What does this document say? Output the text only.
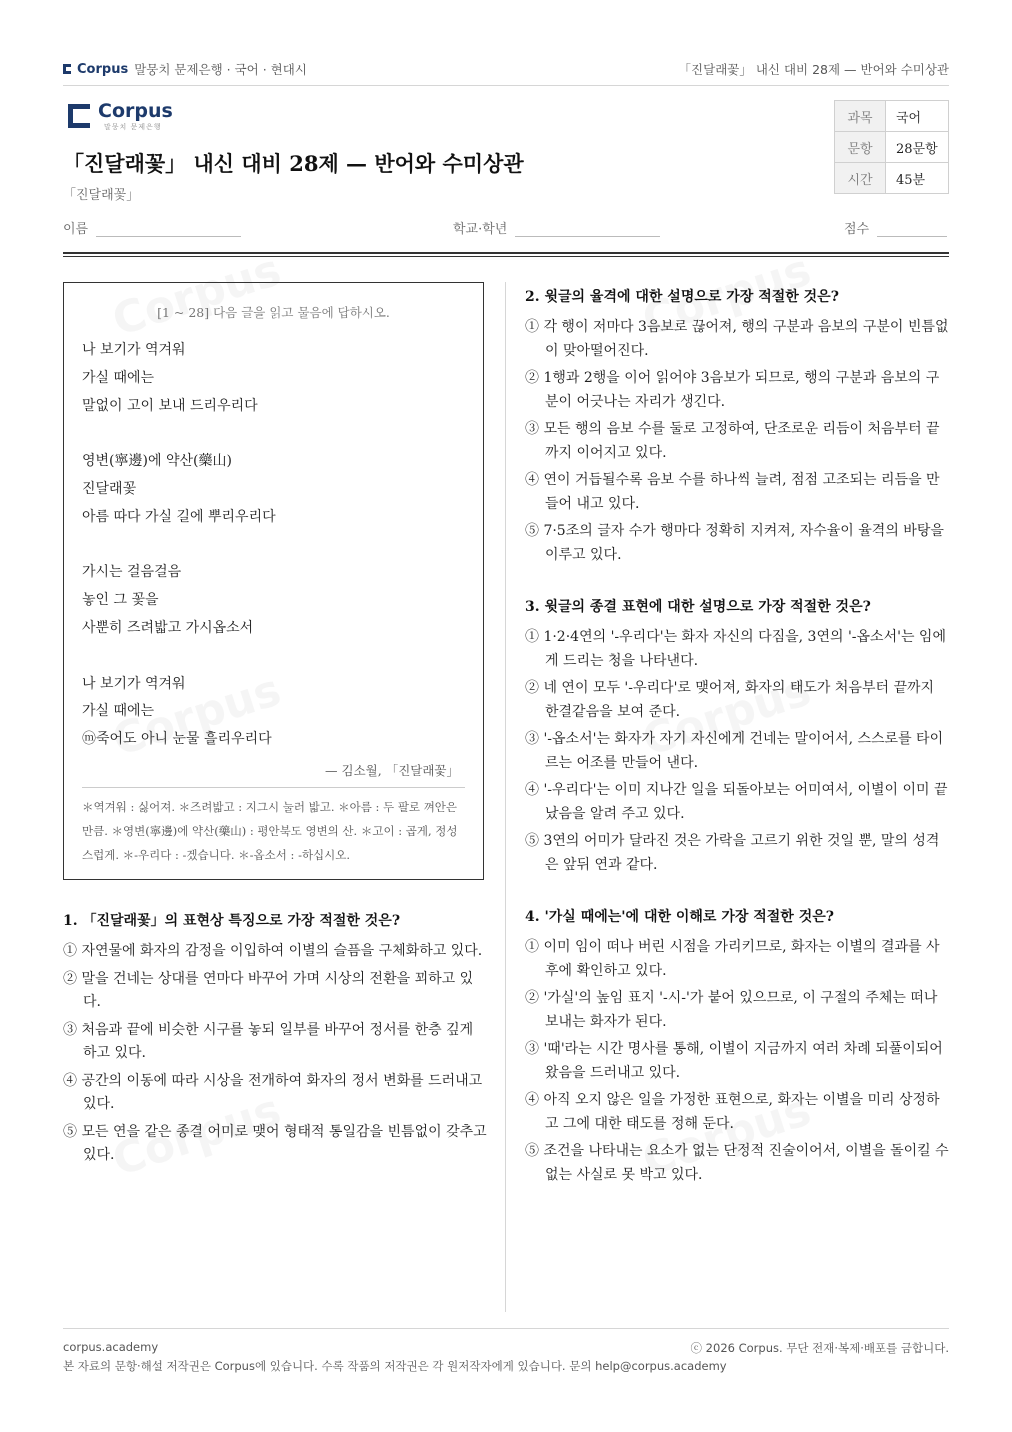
Corpus 말뭉치 문제은행 · 국어 · 현대시	「진달래꽃」 내신 대비 28제 — 반어와 수미상관
Corpus
말뭉치 문제은행
「진달래꽃」 내신 대비 28제 — 반어와 수미상관
「진달래꽃」
과목	국어
문항	28문항
시간	45분
이름	학교·학년	점수
[1 ~ 28] 다음 글을 읽고 물음에 답하시오.
나 보기가 역겨워
가실 때에는
말없이 고이 보내 드리우리다
영변(寧邊)에 약산(藥山)
진달래꽃
아름 따다 가실 길에 뿌리우리다
가시는 걸음걸음
놓인 그 꽃을
사뿐히 즈려밟고 가시옵소서
나 보기가 역겨워
가실 때에는
ⓜ죽어도 아니 눈물 흘리우리다
— 김소월, 「진달래꽃」
＊역겨워 : 싫어져. ＊즈려밟고 : 지그시 눌러 밟고. ＊아름 : 두 팔로 껴안은 만큼. ＊영변(寧邊)에 약산(藥山) : 평안북도 영변의 산. ＊고이 : 곱게, 정성스럽게. ＊-우리다 : -겠습니다. ＊-옵소서 : -하십시오.
1. 「진달래꽃」의 표현상 특징으로 가장 적절한 것은?
① 자연물에 화자의 감정을 이입하여 이별의 슬픔을 구체화하고 있다.
② 말을 건네는 상대를 연마다 바꾸어 가며 시상의 전환을 꾀하고 있다.
③ 처음과 끝에 비슷한 시구를 놓되 일부를 바꾸어 정서를 한층 깊게 하고 있다.
④ 공간의 이동에 따라 시상을 전개하여 화자의 정서 변화를 드러내고 있다.
⑤ 모든 연을 같은 종결 어미로 맺어 형태적 통일감을 빈틈없이 갖추고 있다.
2. 윗글의 율격에 대한 설명으로 가장 적절한 것은?
① 각 행이 저마다 3음보로 끊어져, 행의 구분과 음보의 구분이 빈틈없이 맞아떨어진다.
② 1행과 2행을 이어 읽어야 3음보가 되므로, 행의 구분과 음보의 구분이 어긋나는 자리가 생긴다.
③ 모든 행의 음보 수를 둘로 고정하여, 단조로운 리듬이 처음부터 끝까지 이어지고 있다.
④ 연이 거듭될수록 음보 수를 하나씩 늘려, 점점 고조되는 리듬을 만들어 내고 있다.
⑤ 7·5조의 글자 수가 행마다 정확히 지켜져, 자수율이 율격의 바탕을 이루고 있다.
3. 윗글의 종결 표현에 대한 설명으로 가장 적절한 것은?
① 1·2·4연의 '-우리다'는 화자 자신의 다짐을, 3연의 '-옵소서'는 임에게 드리는 청을 나타낸다.
② 네 연이 모두 '-우리다'로 맺어져, 화자의 태도가 처음부터 끝까지 한결같음을 보여 준다.
③ '-옵소서'는 화자가 자기 자신에게 건네는 말이어서, 스스로를 타이르는 어조를 만들어 낸다.
④ '-우리다'는 이미 지나간 일을 되돌아보는 어미여서, 이별이 이미 끝났음을 알려 주고 있다.
⑤ 3연의 어미가 달라진 것은 가락을 고르기 위한 것일 뿐, 말의 성격은 앞뒤 연과 같다.
4. '가실 때에는'에 대한 이해로 가장 적절한 것은?
① 이미 임이 떠나 버린 시점을 가리키므로, 화자는 이별의 결과를 사후에 확인하고 있다.
② '가실'의 높임 표지 '-시-'가 붙어 있으므로, 이 구절의 주체는 떠나보내는 화자가 된다.
③ '때'라는 시간 명사를 통해, 이별이 지금까지 여러 차례 되풀이되어 왔음을 드러내고 있다.
④ 아직 오지 않은 일을 가정한 표현으로, 화자는 이별을 미리 상정하고 그에 대한 태도를 정해 둔다.
⑤ 조건을 나타내는 요소가 없는 단정적 진술이어서, 이별을 돌이킬 수 없는 사실로 못 박고 있다.
corpus.academy
본 자료의 문항·해설 저작권은 Corpus에 있습니다. 수록 작품의 저작권은 각 원저작자에게 있습니다. 문의 help@corpus.academy
ⓒ 2026 Corpus. 무단 전재·복제·배포를 금합니다.
